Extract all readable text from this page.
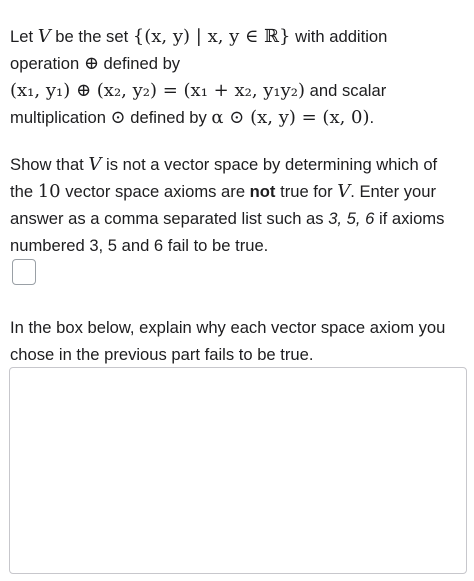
Let V be the set {(x, y) | x, y ∈ ℝ} with addition
operation ⊕ defined by
(x₁, y₁) ⊕ (x₂, y₂) = (x₁ + x₂, y₁y₂) and scalar
multiplication ⊙ defined by α ⊙ (x, y) = (x, 0).
Show that V is not a vector space by determining which of
the 10 vector space axioms are not true for V. Enter your
answer as a comma separated list such as 3, 5, 6 if axioms
numbered 3, 5 and 6 fail to be true.
In the box below, explain why each vector space axiom you
chose in the previous part fails to be true.
